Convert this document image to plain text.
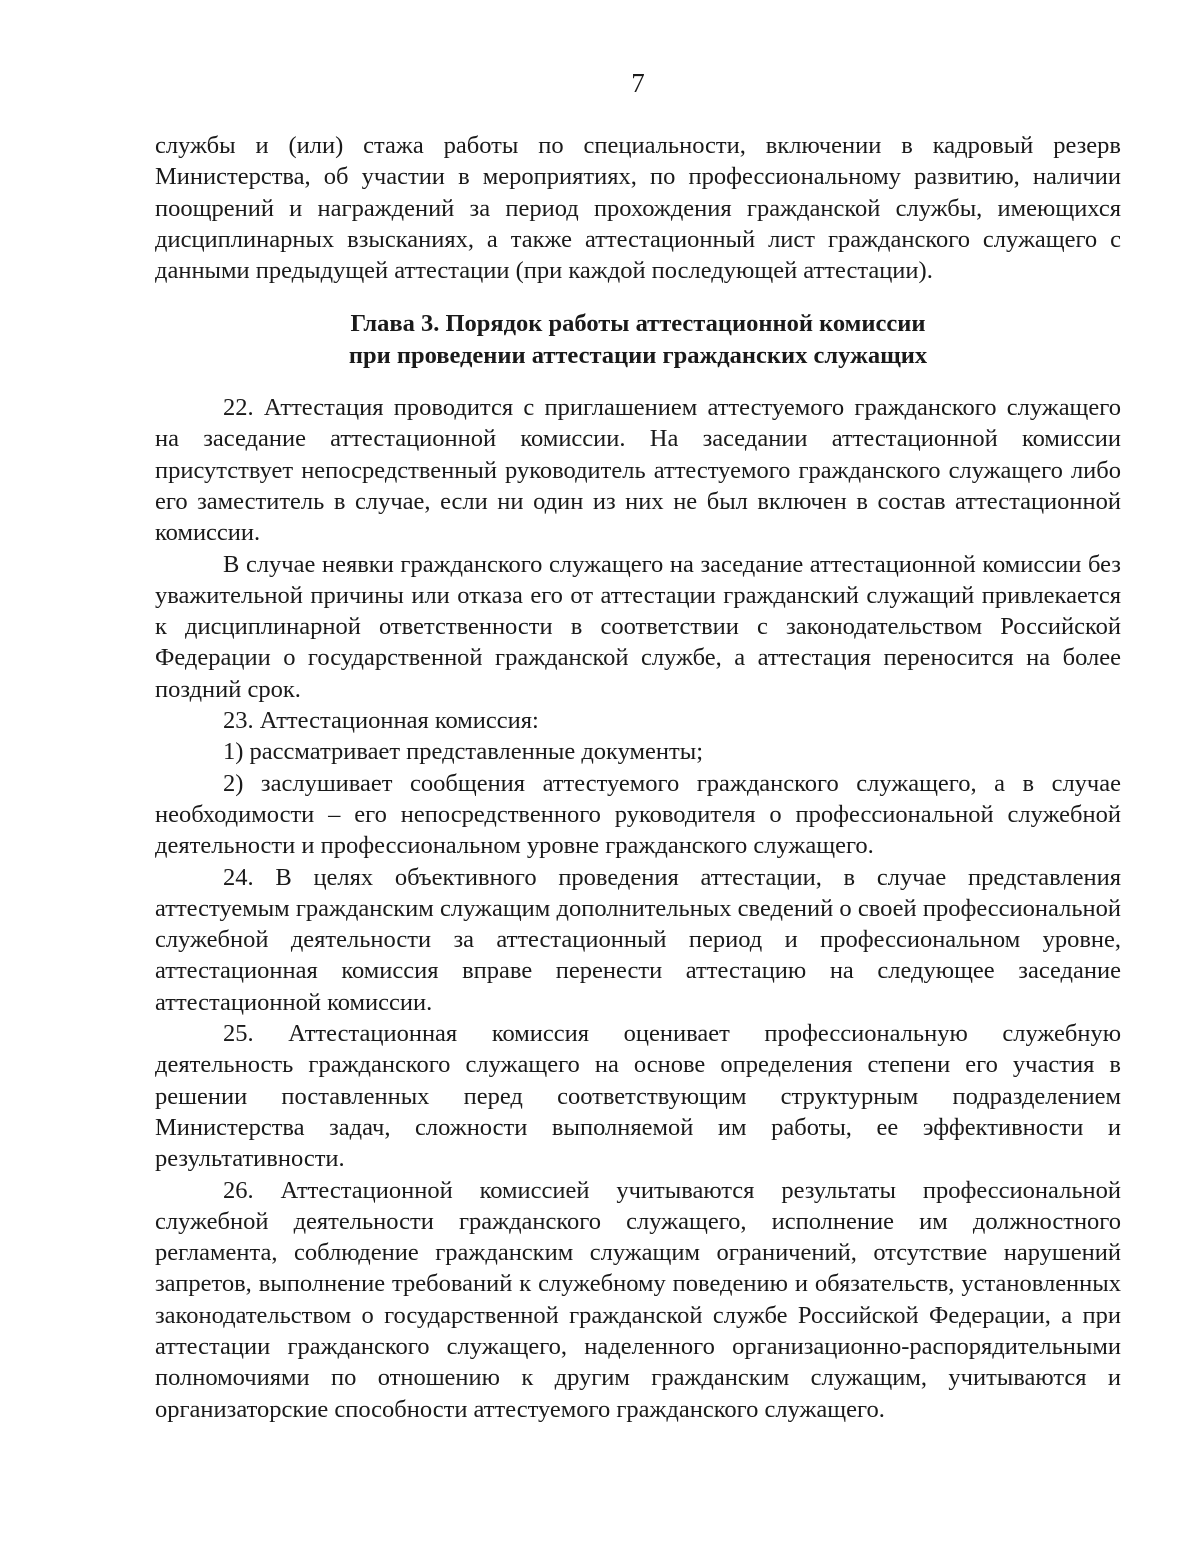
7

службы и (или) стажа работы по специальности, включении в кадровый резерв Министерства, об участии в мероприятиях, по профессиональному развитию, наличии поощрений и награждений за период прохождения гражданской службы, имеющихся дисциплинарных взысканиях, а также аттестационный лист гражданского служащего с данными предыдущей аттестации (при каждой последующей аттестации).

Глава 3. Порядок работы аттестационной комиссии
при проведении аттестации гражданских служащих

22. Аттестация проводится с приглашением аттестуемого гражданского служащего на заседание аттестационной комиссии. На заседании аттестационной комиссии присутствует непосредственный руководитель аттестуемого гражданского служащего либо его заместитель в случае, если ни один из них не был включен в состав аттестационной комиссии.

В случае неявки гражданского служащего на заседание аттестационной комиссии без уважительной причины или отказа его от аттестации гражданский служащий привлекается к дисциплинарной ответственности в соответствии с законодательством Российской Федерации о государственной гражданской службе, а аттестация переносится на более поздний срок.

23. Аттестационная комиссия:

1) рассматривает представленные документы;

2) заслушивает сообщения аттестуемого гражданского служащего, а в случае необходимости – его непосредственного руководителя о профессиональной служебной деятельности и профессиональном уровне гражданского служащего.

24. В целях объективного проведения аттестации, в случае представления аттестуемым гражданским служащим дополнительных сведений о своей профессиональной служебной деятельности за аттестационный период и профессиональном уровне, аттестационная комиссия вправе перенести аттестацию на следующее заседание аттестационной комиссии.

25. Аттестационная комиссия оценивает профессиональную служебную деятельность гражданского служащего на основе определения степени его участия в решении поставленных перед соответствующим структурным подразделением Министерства задач, сложности выполняемой им работы, ее эффективности и результативности.

26. Аттестационной комиссией учитываются результаты профессиональной служебной деятельности гражданского служащего, исполнение им должностного регламента, соблюдение гражданским служащим ограничений, отсутствие нарушений запретов, выполнение требований к служебному поведению и обязательств, установленных законодательством о государственной гражданской службе Российской Федерации, а при аттестации гражданского служащего, наделенного организационно-распорядительными полномочиями по отношению к другим гражданским служащим, учитываются и организаторские способности аттестуемого гражданского служащего.
